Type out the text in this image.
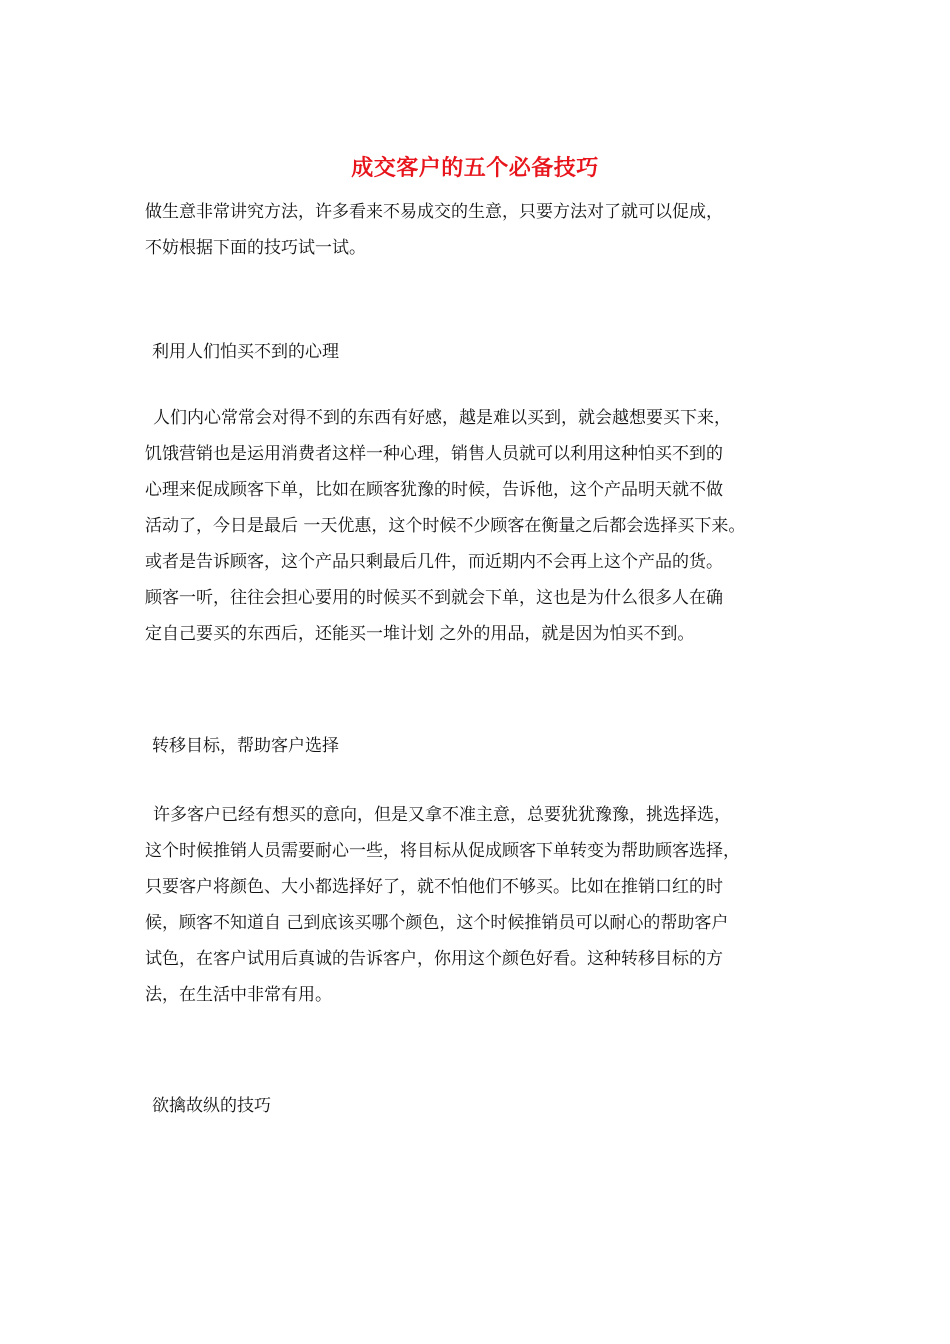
成交客户的五个必备技巧

做生意非常讲究方法，许多看来不易成交的生意，只要方法对了就可以促成，
不妨根据下面的技巧试一试。

利用人们怕买不到的心理

人们内心常常会对得不到的东西有好感，越是难以买到，就会越想要买下来，
饥饿营销也是运用消费者这样一种心理，销售人员就可以利用这种怕买不到的
心理来促成顾客下单，比如在顾客犹豫的时候，告诉他，这个产品明天就不做
活动了，今日是最后 一天优惠，这个时候不少顾客在衡量之后都会选择买下来。
或者是告诉顾客，这个产品只剩最后几件，而近期内不会再上这个产品的货。
顾客一听，往往会担心要用的时候买不到就会下单，这也是为什么很多人在确
定自己要买的东西后，还能买一堆计划 之外的用品，就是因为怕买不到。

转移目标，帮助客户选择

许多客户已经有想买的意向，但是又拿不准主意，总要犹犹豫豫，挑选择选，
这个时候推销人员需要耐心一些，将目标从促成顾客下单转变为帮助顾客选择，
只要客户将颜色、大小都选择好了，就不怕他们不够买。比如在推销口红的时
候，顾客不知道自 己到底该买哪个颜色，这个时候推销员可以耐心的帮助客户
试色，在客户试用后真诚的告诉客户，你用这个颜色好看。这种转移目标的方
法，在生活中非常有用。

欲擒故纵的技巧
